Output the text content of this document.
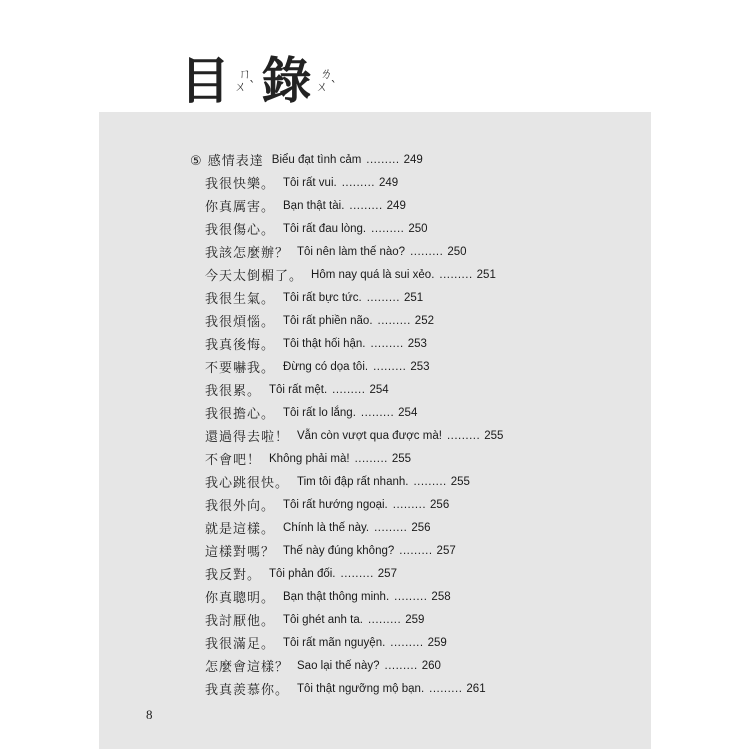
目 ㄇ
ㄨˋ 錄 ㄌ
ㄨˋ
⑤ 感情表達 Biểu đạt tình cảm ......... 249
我很快樂。 Tôi rất vui. ......... 249
你真厲害。 Bạn thật tài. ......... 249
我很傷心。 Tôi rất đau lòng. ......... 250
我該怎麼辦？ Tôi nên làm thế nào? ......... 250
今天太倒楣了。 Hôm nay quá là sui xẻo. ......... 251
我很生氣。 Tôi rất bực tức. ......... 251
我很煩惱。 Tôi rất phiền não. ......... 252
我真後悔。 Tôi thật hối hận. ......... 253
不要嚇我。 Đừng có dọa tôi. ......... 253
我很累。 Tôi rất mệt. ......... 254
我很擔心。 Tôi rất lo lắng. ......... 254
還過得去啦！ Vẫn còn vượt qua được mà! ......... 255
不會吧！ Không phải mà! ......... 255
我心跳很快。 Tim tôi đập rất nhanh. ......... 255
我很外向。 Tôi rất hướng ngoại. ......... 256
就是這樣。 Chính là thế này. ......... 256
這樣對嗎？ Thế này đúng không? ......... 257
我反對。 Tôi phản đối. ......... 257
你真聰明。 Bạn thật thông minh. ......... 258
我討厭他。 Tôi ghét anh ta. ......... 259
我很滿足。 Tôi rất mãn nguyện. ......... 259
怎麼會這樣？ Sao lại thế này? ......... 260
我真羨慕你。 Tôi thật ngưỡng mộ bạn. ......... 261
8
